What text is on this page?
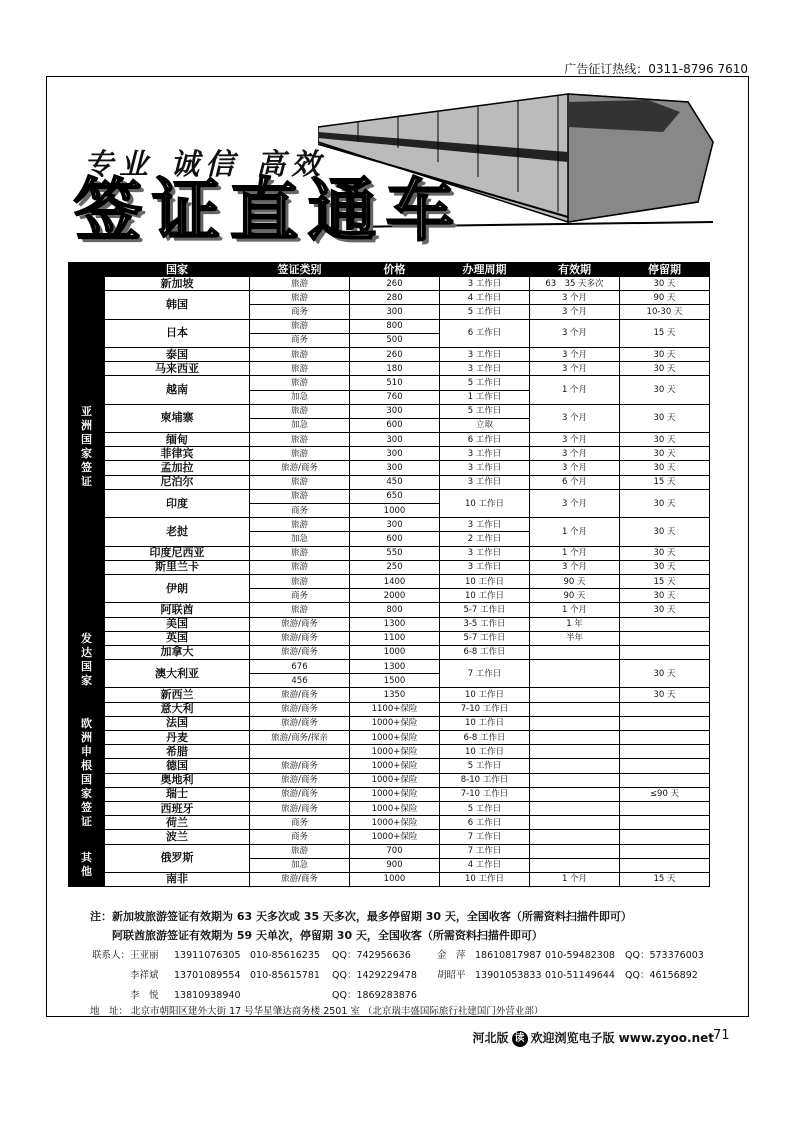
广告征订热线：0311-8796 7610
专业 诚信 高效
签证直通车
	国家	签证类别	价格	办理周期	有效期	停留期

亚洲国家签证	新加坡	旅游	260	3 工作日	63　35 天多次	30 天
	韩国	旅游	280	4 工作日	3 个月	90 天
		商务	300	5 工作日	3 个月	10-30 天
	日本	旅游	800	6 工作日	3 个月	15 天
		商务	500			
	泰国	旅游	260	3 工作日	3 个月	30 天
	马来西亚	旅游	180	3 工作日	3 个月	30 天
	越南	旅游	510	5 工作日	1 个月	30 天
		加急	760	1 工作日		
	柬埔寨	旅游	300	5 工作日	3 个月	30 天
		加急	600	立取		
	缅甸	旅游	300	6 工作日	3 个月	30 天
	菲律宾	旅游	300	3 工作日	3 个月	30 天
	孟加拉	旅游/商务	300	3 工作日	3 个月	30 天
	尼泊尔	旅游	450	3 工作日	6 个月	15 天
	印度	旅游	650	10 工作日	3 个月	30 天
		商务	1000			
	老挝	旅游	300	3 工作日	1 个月	30 天
		加急	600	2 工作日		
	印度尼西亚	旅游	550	3 工作日	1 个月	30 天
	斯里兰卡	旅游	250	3 工作日	3 个月	30 天
	伊朗	旅游	1400	10 工作日	90 天	15 天
		商务	2000	10 工作日	90 天	30 天
	阿联酋	旅游	800	5-7 工作日	1 个月	30 天

发达国家	美国	旅游/商务	1300	3-5 工作日	1 年	
	英国	旅游/商务	1100	5-7 工作日	半年	
	加拿大	旅游/商务	1000	6-8 工作日		
	澳大利亚	676	1300	7 工作日		30 天
		456	1500			
	新西兰	旅游/商务	1350	10 工作日		30 天

欧洲申根国家签证	意大利	旅游/商务	1100+保险	7-10 工作日		
	法国	旅游/商务	1000+保险	10 工作日		
	丹麦	旅游/商务/探亲	1000+保险	6-8 工作日		
	希腊		1000+保险	10 工作日		
	德国	旅游/商务	1000+保险	5 工作日		
	奥地利	旅游/商务	1000+保险	8-10 工作日		
	瑞士	旅游/商务	1000+保险	7-10 工作日		≤90 天
	西班牙	旅游/商务	1000+保险	5 工作日		
	荷兰	商务	1000+保险	6 工作日		
	波兰	商务	1000+保险	7 工作日		

其他	俄罗斯	旅游	700	7 工作日		
		加急	900	4 工作日		
	南非	旅游/商务	1000	10 工作日	1 个月	15 天
注：新加坡旅游签证有效期为 63 天多次或 35 天多次，最多停留期 30 天，全国收客（所需资料扫描件即可）
阿联酋旅游签证有效期为 59 天单次，停留期 30 天，全国收客（所需资料扫描件即可）
联系人： 王亚丽 13911076305 010-85616235 QQ：742956636	金　萍 18610817987 010-59482308 QQ：573376003
李祥斌 13701089554 010-85615781 QQ：1429229478 胡昭平 13901053833 010-51149644 QQ：46156892
李　悦 13810938940	QQ：1869283876
地　址： 北京市朝阳区建外大街 17 号华星肇达商务楼 2501 室 （北京瑞丰盛国际旅行社建国门外营业部）
河北版 读 欢迎浏览电子版 www.zyoo.net 71
